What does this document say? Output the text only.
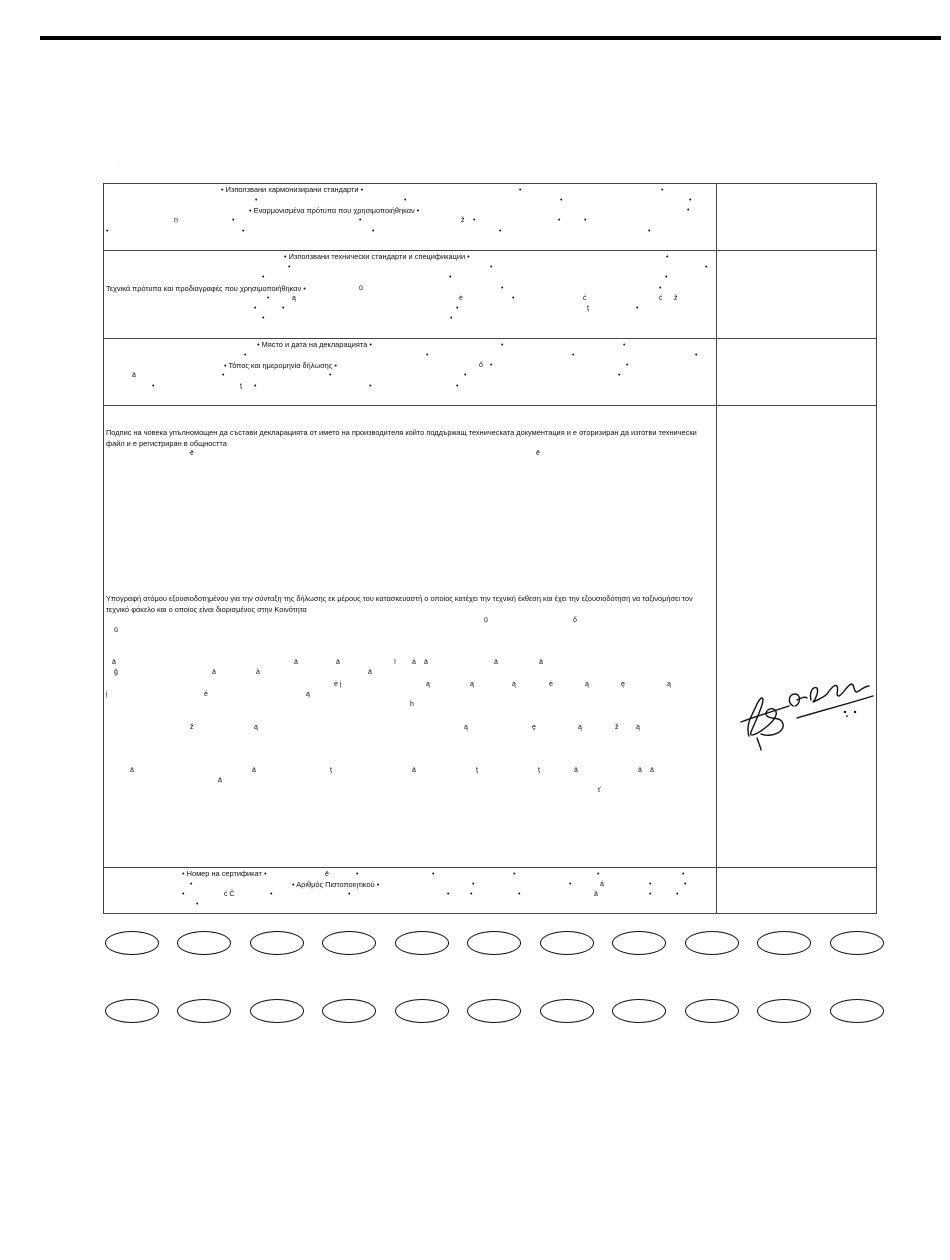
·
• Използвани хармонизирани стандарти •
• Εναρμονισμένα πρότυπα που χρησιμοποιήθηκαν •
•	•
•	•	•	•
•
ņ	•	•	ž •	•	•
•	•	•	•	•
• Използвани технически стандарти и спецификации •
Τεχνικά πρότυπα και προδιαγραφές που χρησιμοποιήθηκαν •
•
•	•	•
•	•	•
•
ū	•
•	ė	•	ć	ć ž
•
ą
•	•	ţ	•
•	•
• Място и дата на декларацията •
• Τόπος και ημερομηνία δήλωσης •
•	•
•	•	•	•
ő •
ä
•
•	•	•	•
ţ
•	•	•	•
Подпис на човека упълномощен да състави декларацията от името на производителя който поддържащ техническата документация и е оторизиран да изготви технически файл и е регистриран в общността
Υπογραφή ατόμου εξουσιοδοτημένου για την σύνταξη της δήλωσης εκ μέρους του κατασκευαστή ο οποίος κατέχει την τεχνική έκθεση και έχει την εξουσιοδότηση να ταξινομήσει τον τεχνικό φάκελο και ο οποίος είναι διορισμένος στην Κοινότητα
ē	ē
ū	ő
ū
ä	ä	ä	ï	ä
á	ä	ä
ä
ğ	ä	à
ė į	ą	ą	ą	ė	ą	ę	ą
į	é	ą
h
ž	ą	ą	ę	ą	ž	ą
ä	ä	ţ	ä	ţ	ţ	ä	ä ä
ä
ť
• Номер на сертификат •
• Αριθμός Πιστοποιητικού •
•
ē	•	•	•	•
•	•	•	•
•
á
•	•
ć Č	•	•
•	ä	•
•
•
•
